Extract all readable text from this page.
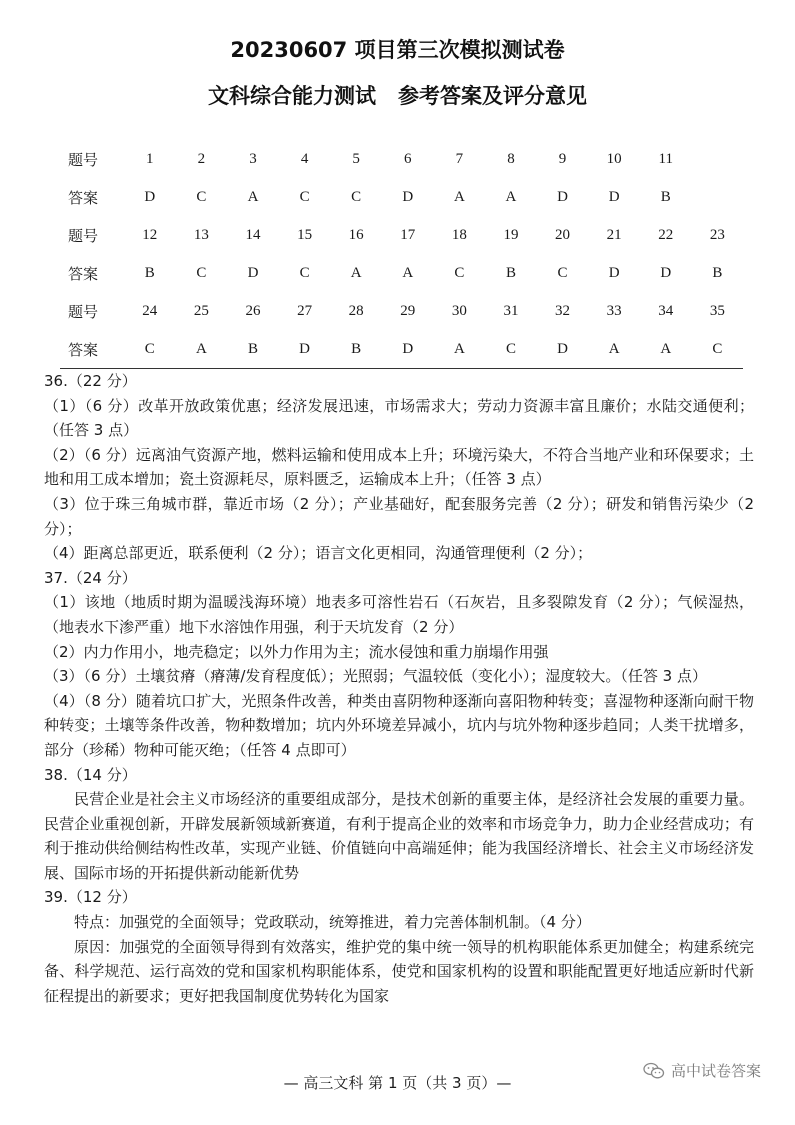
20230607 项目第三次模拟测试卷
文科综合能力测试 参考答案及评分意见
题号	1	2	3	4	5	6	7	8	9	10	11	
答案	D	C	A	C	C	D	A	A	D	D	B	
题号	12	13	14	15	16	17	18	19	20	21	22	23
答案	B	C	D	C	A	A	C	B	C	D	D	B
题号	24	25	26	27	28	29	30	31	32	33	34	35
答案	C	A	B	D	B	D	A	C	D	A	A	C

36.（22 分）

（1）（6 分）改革开放政策优惠；经济发展迅速，市场需求大；劳动力资源丰富且廉价；水陆交通便利；（任答 3 点）

（2）（6 分）远离油气资源产地，燃料运输和使用成本上升；环境污染大，不符合当地产业和环保要求；土地和用工成本增加；瓷土资源耗尽，原料匮乏，运输成本上升；（任答 3 点）

（3）位于珠三角城市群，靠近市场（2 分）；产业基础好，配套服务完善（2 分）；研发和销售污染少（2 分）；

（4）距离总部更近，联系便利（2 分）；语言文化更相同，沟通管理便利（2 分）；

37.（24 分）

（1）该地（地质时期为温暖浅海环境）地表多可溶性岩石（石灰岩，且多裂隙发育（2 分）；气候湿热，（地表水下渗严重）地下水溶蚀作用强，利于天坑发育（2 分）

（2）内力作用小，地壳稳定；以外力作用为主；流水侵蚀和重力崩塌作用强

（3）（6 分）土壤贫瘠（瘠薄/发育程度低）；光照弱；气温较低（变化小）；湿度较大。（任答 3 点）

（4）（8 分）随着坑口扩大，光照条件改善，种类由喜阴物种逐渐向喜阳物种转变；喜湿物种逐渐向耐干物种转变；土壤等条件改善，物种数增加；坑内外环境差异减小，坑内与坑外物种逐步趋同；人类干扰增多，部分（珍稀）物种可能灭绝；（任答 4 点即可）

38.（14 分）

民营企业是社会主义市场经济的重要组成部分，是技术创新的重要主体，是经济社会发展的重要力量。民营企业重视创新，开辟发展新领域新赛道，有利于提高企业的效率和市场竞争力，助力企业经营成功；有利于推动供给侧结构性改革，实现产业链、价值链向中高端延伸；能为我国经济增长、社会主义市场经济发展、国际市场的开拓提供新动能新优势

39.（12 分）

特点：加强党的全面领导；党政联动，统筹推进，着力完善体制机制。（4 分）

原因：加强党的全面领导得到有效落实，维护党的集中统一领导的机构职能体系更加健全；构建系统完备、科学规范、运行高效的党和国家机构职能体系，使党和国家机构的设置和职能配置更好地适应新时代新征程提出的新要求；更好把我国制度优势转化为国家

— 高三文科 第 1 页（共 3 页）—
高中试卷答案
